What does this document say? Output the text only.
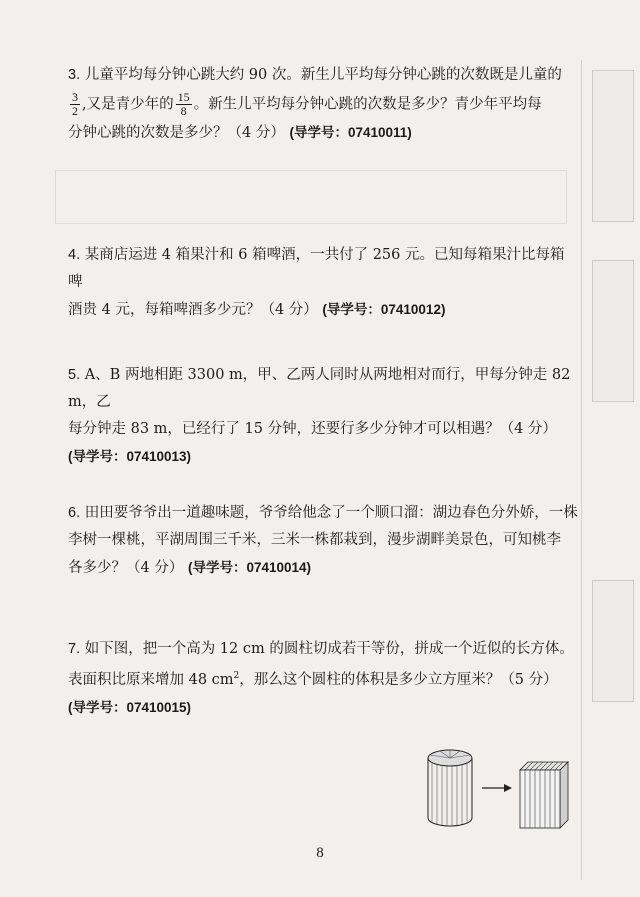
3. 儿童平均每分钟心跳大约 90 次。新生儿平均每分钟心跳的次数既是儿童的
$\frac{3}{2}$ ,又是青少年的 $\frac{15}{8}$ 。新生儿平均每分钟心跳的次数是多少？青少年平均每
分钟心跳的次数是多少？（4 分） (导学号：07410011)
4. 某商店运进 4 箱果汁和 6 箱啤酒，一共付了 256 元。已知每箱果汁比每箱啤
酒贵 4 元，每箱啤酒多少元？（4 分） (导学号：07410012)
5. A、B 两地相距 3300 m，甲、乙两人同时从两地相对而行，甲每分钟走 82 m，乙
每分钟走 83 m，已经行了 15 分钟，还要行多少分钟才可以相遇？（4 分）
(导学号：07410013)
6. 田田要爷爷出一道趣味题，爷爷给他念了一个顺口溜：湖边春色分外娇，一株
李树一棵桃，平湖周围三千米，三米一株都栽到，漫步湖畔美景色，可知桃李
各多少？（4 分） (导学号：07410014)
7. 如下图，把一个高为 12 cm 的圆柱切成若干等份，拼成一个近似的长方体。
表面积比原来增加 48 $cm^2$，那么这个圆柱的体积是多少立方厘米？（5 分）
(导学号：07410015)
8
